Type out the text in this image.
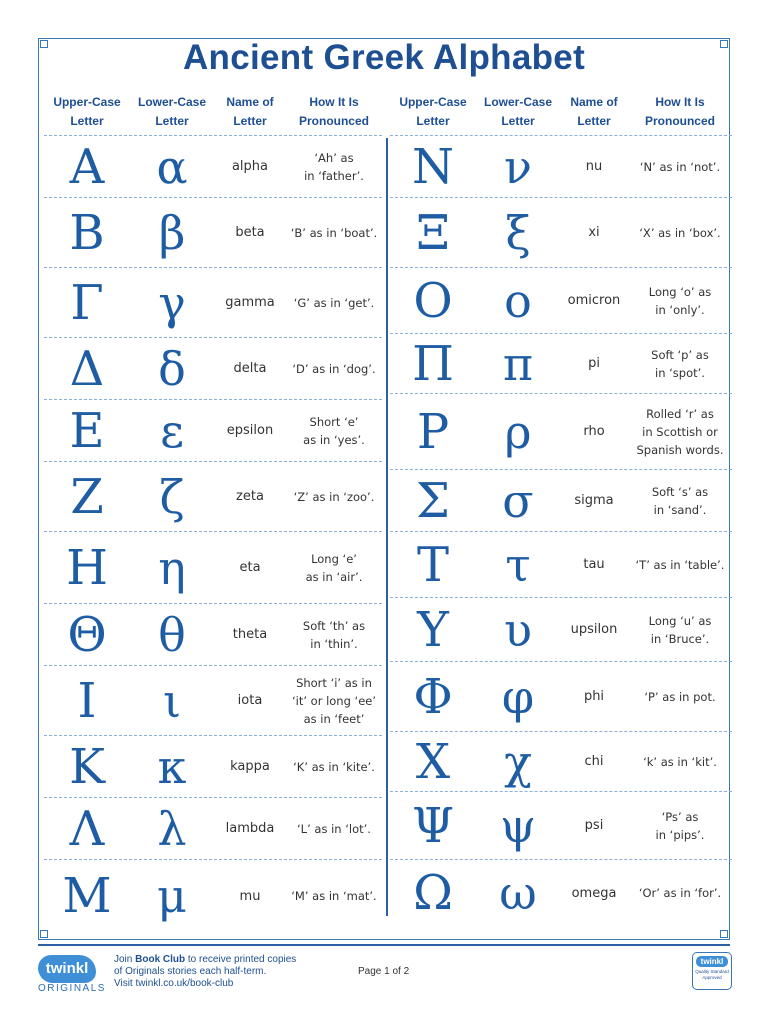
Ancient Greek Alphabet
Upper-Case
Letter
Lower-Case
Letter
Name of
Letter
How It Is
Pronounced
Α	α	alpha
‘Ah’ as
in ‘father’.
Β	β	beta	‘B’ as in ‘boat’.
Γ	γ	gamma	‘G’ as in ‘get’.
Δ	δ	delta	‘D’ as in ‘dog’.
Ε	ε	epsilon
Short ‘e’
as in ‘yes’.
Ζ	ζ	zeta	‘Z’ as in ‘zoo’.
Η	η	eta
Long ‘e’
as in ‘air’.
Θ	θ	theta
Soft ‘th’ as
in ‘thin’.
Ι	ι	iota
Short ‘i’ as in
‘it’ or long ‘ee’
as in ‘feet’
Κ	κ	kappa	‘K’ as in ‘kite’.
Λ	λ	lambda	‘L’ as in ‘lot’.
Μ μ	mu	‘M’ as in ‘mat’.
Upper-Case
Letter
Lower-Case
Letter
Name of
Letter
How It Is
Pronounced
Ν	ν	nu	‘N’ as in ‘not’.
Ξ	ξ	xi	‘X’ as in ‘box’.
Ο	ο	omicron
Long ‘o’ as
in ‘only’.
Π	π	pi
Soft ‘p’ as
in ‘spot’.
Ρ	ρ	rho
Rolled ‘r’ as
in Scottish or
Spanish words.
Σ	σ	sigma
Soft ‘s’ as
in ‘sand’.
Τ	τ	tau	‘T’ as in ‘table’.
Υ	υ	upsilon
Long ‘u’ as
in ‘Bruce’.
Φ	φ	phi	‘P’ as in pot.
Χ	χ	chi	‘k’ as in ‘kit’.
Ψ ψ	psi
‘Ps’ as
in ‘pips’.
Ω	ω	omega	‘Or’ as in ‘for’.
twinkl
ORIGINALS
Join Book Club to receive printed copies
of Originals stories each half-term.
Visit twinkl.co.uk/book-club
Page 1 of 2
twinkl
Quality Standard Approved
